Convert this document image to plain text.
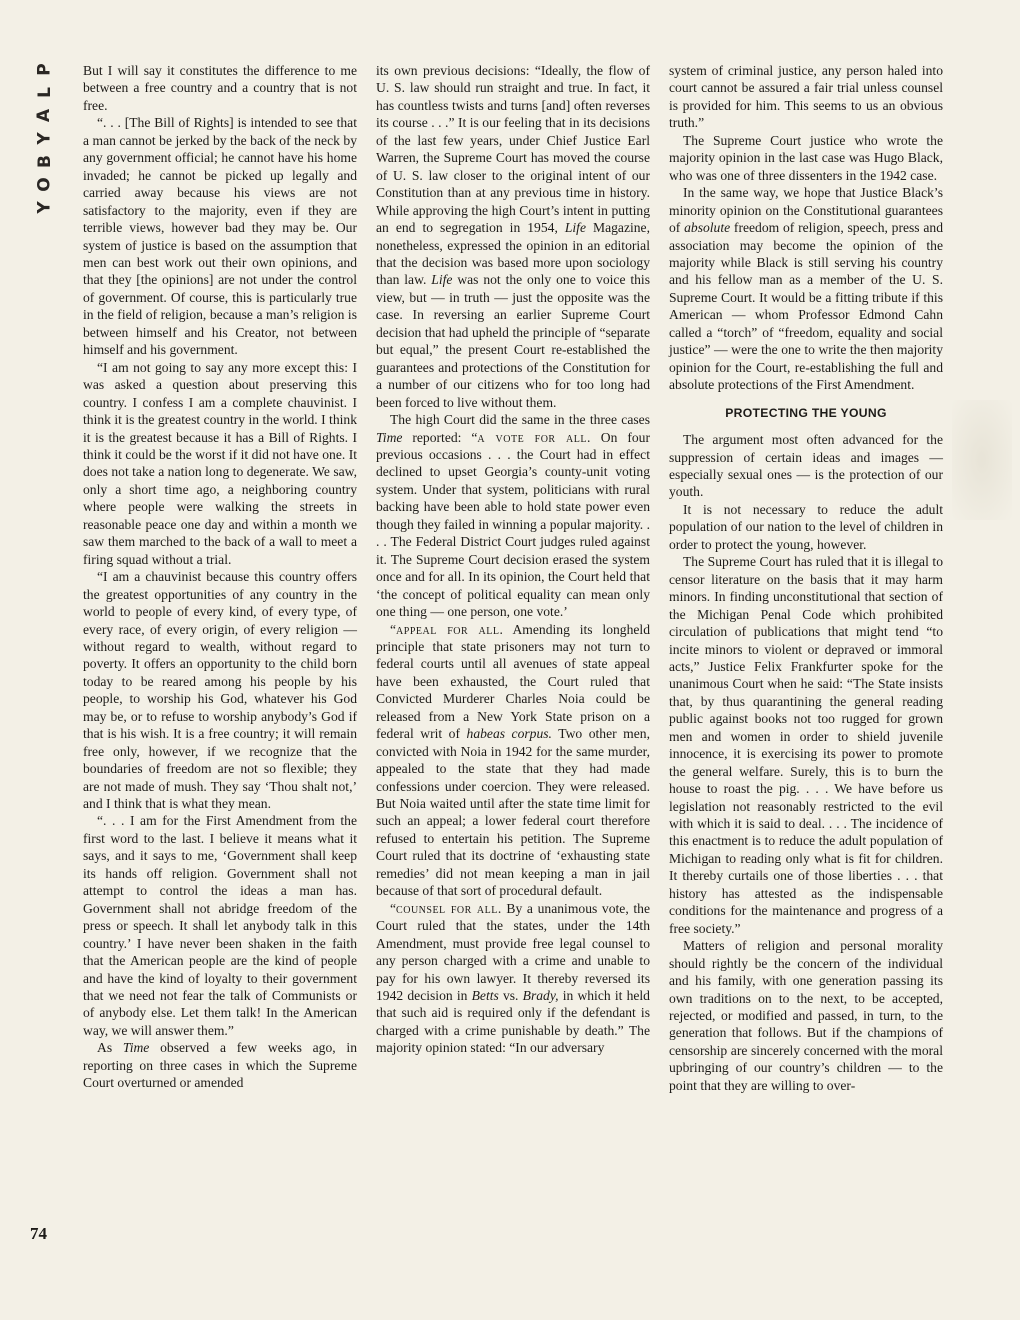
P
L
A
Y
B
O
Y
74

But I will say it constitutes the difference to me between a free country and a country that is not free.

“. . . [The Bill of Rights] is intended to see that a man cannot be jerked by the back of the neck by any government official; he cannot have his home invaded; he cannot be picked up legally and carried away because his views are not satisfactory to the majority, even if they are terrible views, however bad they may be. Our system of justice is based on the assumption that men can best work out their own opinions, and that they [the opinions] are not under the control of government. Of course, this is particularly true in the field of religion, because a man’s religion is between himself and his Creator, not between himself and his government.

“I am not going to say any more except this: I was asked a question about preserving this country. I confess I am a complete chauvinist. I think it is the greatest country in the world. I think it is the greatest because it has a Bill of Rights. I think it could be the worst if it did not have one. It does not take a nation long to degenerate. We saw, only a short time ago, a neighboring country where people were walking the streets in reasonable peace one day and within a month we saw them marched to the back of a wall to meet a firing squad without a trial.

“I am a chauvinist because this country offers the greatest opportunities of any country in the world to people of every kind, of every type, of every race, of every origin, of every religion — without regard to wealth, without regard to poverty. It offers an opportunity to the child born today to be reared among his people by his people, to worship his God, whatever his God may be, or to refuse to worship anybody’s God if that is his wish. It is a free country; it will remain free only, however, if we recognize that the boundaries of freedom are not so flexible; they are not made of mush. They say ‘Thou shalt not,’ and I think that is what they mean.

“. . . I am for the First Amendment from the first word to the last. I believe it means what it says, and it says to me, ‘Government shall keep its hands off religion. Government shall not attempt to control the ideas a man has. Government shall not abridge freedom of the press or speech. It shall let anybody talk in this country.’ I have never been shaken in the faith that the American people are the kind of people and have the kind of loyalty to their government that we need not fear the talk of Communists or of anybody else. Let them talk! In the American way, we will answer them.”

As Time observed a few weeks ago, in reporting on three cases in which the Supreme Court overturned or amended

its own previous decisions: “Ideally, the flow of U. S. law should run straight and true. In fact, it has countless twists and turns [and] often reverses its course . . .” It is our feeling that in its decisions of the last few years, under Chief Justice Earl Warren, the Supreme Court has moved the course of U. S. law closer to the original intent of our Constitution than at any previous time in history. While approving the high Court’s intent in putting an end to segregation in 1954, Life Magazine, nonetheless, expressed the opinion in an editorial that the decision was based more upon sociology than law. Life was not the only one to voice this view, but — in truth — just the opposite was the case. In reversing an earlier Supreme Court decision that had upheld the principle of “separate but equal,” the present Court re-established the guarantees and protections of the Constitution for a number of our citizens who for too long had been forced to live without them.

The high Court did the same in the three cases Time reported: “a vote for all. On four previous occasions . . . the Court had in effect declined to upset Georgia’s county-unit voting system. Under that system, politicians with rural backing have been able to hold state power even though they failed in winning a popular majority. . . . The Federal District Court judges ruled against it. The Supreme Court decision erased the system once and for all. In its opinion, the Court held that ‘the concept of political equality can mean only one thing — one person, one vote.’

“appeal for all. Amending its longheld principle that state prisoners may not turn to federal courts until all avenues of state appeal have been exhausted, the Court ruled that Convicted Murderer Charles Noia could be released from a New York State prison on a federal writ of habeas corpus. Two other men, convicted with Noia in 1942 for the same murder, appealed to the state that they had made confessions under coercion. They were released. But Noia waited until after the state time limit for such an appeal; a lower federal court therefore refused to entertain his petition. The Supreme Court ruled that its doctrine of ‘exhausting state remedies’ did not mean keeping a man in jail because of that sort of procedural default.

“counsel for all. By a unanimous vote, the Court ruled that the states, under the 14th Amendment, must provide free legal counsel to any person charged with a crime and unable to pay for his own lawyer. It thereby reversed its 1942 decision in Betts vs. Brady, in which it held that such aid is required only if the defendant is charged with a crime punishable by death.” The majority opinion stated: “In our adversary

system of criminal justice, any person haled into court cannot be assured a fair trial unless counsel is provided for him. This seems to us an obvious truth.”

The Supreme Court justice who wrote the majority opinion in the last case was Hugo Black, who was one of three dissenters in the 1942 case.

In the same way, we hope that Justice Black’s minority opinion on the Constitutional guarantees of absolute freedom of religion, speech, press and association may become the opinion of the majority while Black is still serving his country and his fellow man as a member of the U. S. Supreme Court. It would be a fitting tribute if this American — whom Professor Edmond Cahn called a “torch” of “freedom, equality and social justice” — were the one to write the then majority opinion for the Court, re-establishing the full and absolute protections of the First Amendment.

PROTECTING THE YOUNG

The argument most often advanced for the suppression of certain ideas and images — especially sexual ones — is the protection of our youth.

It is not necessary to reduce the adult population of our nation to the level of children in order to protect the young, however.

The Supreme Court has ruled that it is illegal to censor literature on the basis that it may harm minors. In finding unconstitutional that section of the Michigan Penal Code which prohibited circulation of publications that might tend “to incite minors to violent or depraved or immoral acts,” Justice Felix Frankfurter spoke for the unanimous Court when he said: “The State insists that, by thus quarantining the general reading public against books not too rugged for grown men and women in order to shield juvenile innocence, it is exercising its power to promote the general welfare. Surely, this is to burn the house to roast the pig. . . . We have before us legislation not reasonably restricted to the evil with which it is said to deal. . . . The incidence of this enactment is to reduce the adult population of Michigan to reading only what is fit for children. It thereby curtails one of those liberties . . . that history has attested as the indispensable conditions for the maintenance and progress of a free society.”

Matters of religion and personal morality should rightly be the concern of the individual and his family, with one generation passing its own traditions on to the next, to be accepted, rejected, or modified and passed, in turn, to the generation that follows. But if the champions of censorship are sincerely concerned with the moral upbringing of our country’s children — to the point that they are willing to over-
